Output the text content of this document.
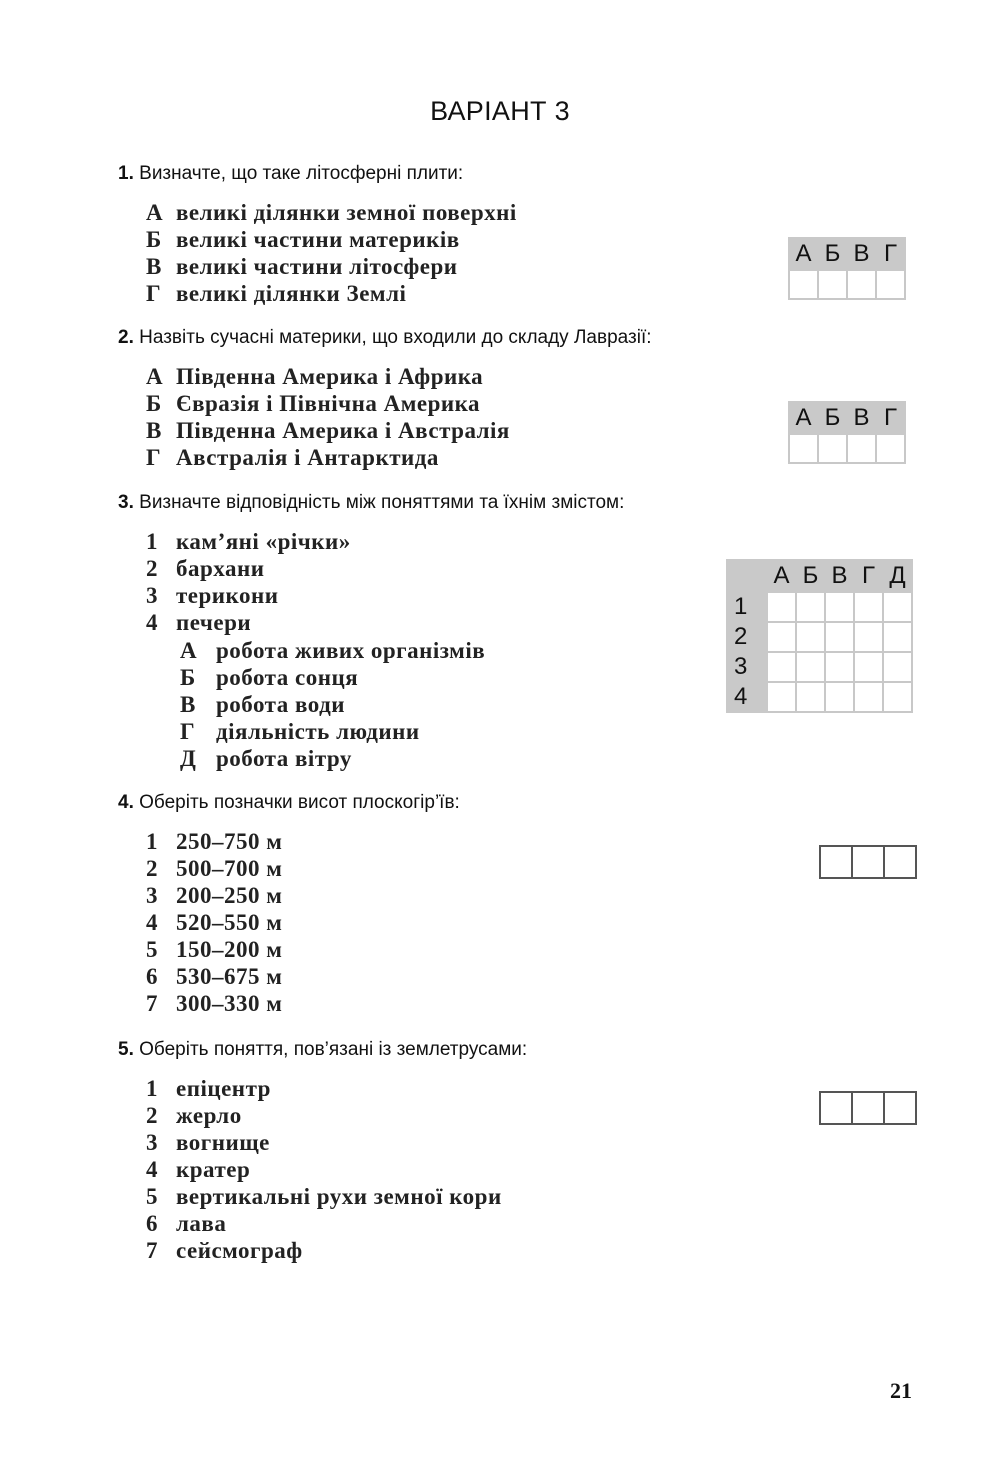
ВАРІАНТ 3
1. Визначте, що таке літосферні плити:
А великі ділянки земної поверхні
Б великі частини материків
В великі частини літосфери
Г великі ділянки Землі
А	Б	В	Г

2. Назвіть сучасні материки, що входили до складу Лавразії:
А Південна Америка і Африка
Б Євразія і Північна Америка
В Південна Америка і Австралія
Г Австралія і Антарктида
А	Б	В	Г

3. Визначте відповідність між поняттями та їхнім змістом:
1 кам’яні «річки»
2 бархани
3 терикони
4 печери
А робота живих організмів
Б робота сонця
В робота води
Г діяльність людини
Д робота вітру
	А	Б	В	Г	Д
1					
2					
3					
4					
4. Оберіть позначки висот плоскогір’їв:
1 250–750 м
2 500–700 м
3 200–250 м
4 520–550 м
5 150–200 м
6 530–675 м
7 300–330 м
5. Оберіть поняття, пов’язані із землетрусами:
1 епіцентр
2 жерло
3 вогнище
4 кратер
5 вертикальні рухи земної кори
6 лава
7 сейсмограф
21
